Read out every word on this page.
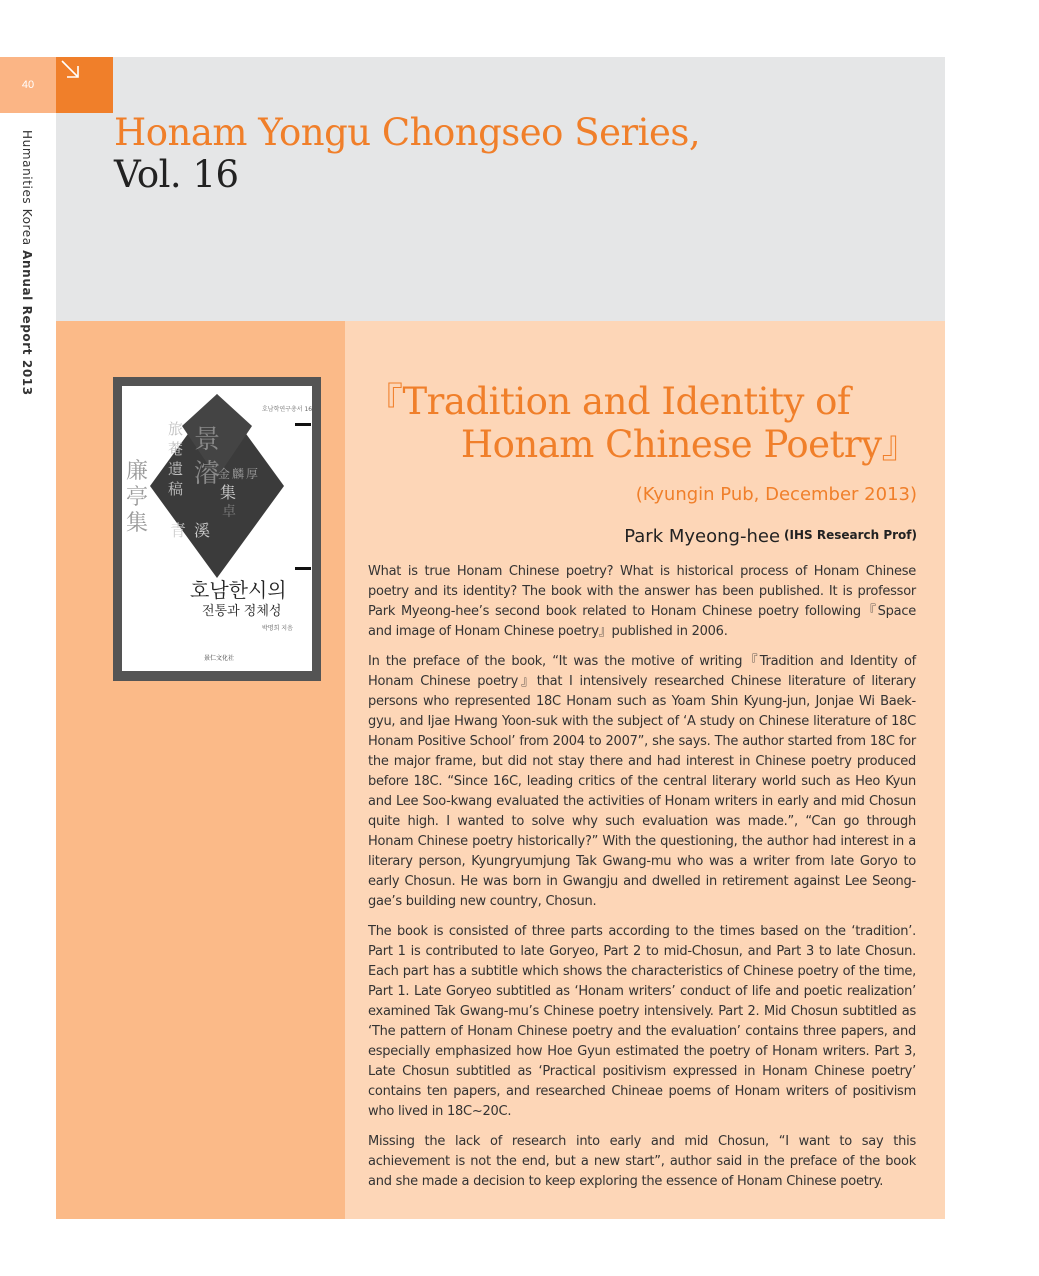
40
Humanities Korea Annual Report 2013
Honam Yongu Chongseo Series,
Vol. 16
旅
菴
遺
稿
景
濬
廉
亭
集 青 溪
集
金 麟 厚
卓
호남학연구총서 16
호남한시의
전통과 정체성
박명희 지음
景仁文化社
『Tradition and Identity of
Honam Chinese Poetry』
(Kyungin Pub, December 2013)
Park Myeong-hee (IHS Research Prof)

What is true Honam Chinese poetry? What is historical process of Honam Chinese poetry and its identity? The book with the answer has been published. It is professor Park Myeong-hee’s second book related to Honam Chinese poetry following『Space and image of Honam Chinese poetry』published in 2006.

In the preface of the book, “It was the motive of writing『Tradition and Identity of Honam Chinese poetry』that I intensively researched Chinese literature of literary persons who represented 18C Honam such as Yoam Shin Kyung-jun, Jonjae Wi Baek-gyu, and Ijae Hwang Yoon-suk with the subject of ‘A study on Chinese literature of 18C Honam Positive School’ from 2004 to 2007”, she says. The author started from 18C for the major frame, but did not stay there and had interest in Chinese poetry produced before 18C. “Since 16C, leading critics of the central literary world such as Heo Kyun and Lee Soo-kwang evaluated the activities of Honam writers in early and mid Chosun quite high. I wanted to solve why such evaluation was made.”, “Can go through Honam Chinese poetry historically?” With the questioning, the author had interest in a literary person, Kyungryumjung Tak Gwang-mu who was a writer from late Goryo to early Chosun. He was born in Gwangju and dwelled in retirement against Lee Seong-gae’s building new country, Chosun.

The book is consisted of three parts according to the times based on the ‘tradition’. Part 1 is contributed to late Goryeo, Part 2 to mid-Chosun, and Part 3 to late Chosun. Each part has a subtitle which shows the characteristics of Chinese poetry of the time, Part 1. Late Goryeo subtitled as ‘Honam writers’ conduct of life and poetic realization’ examined Tak Gwang-mu’s Chinese poetry intensively. Part 2. Mid Chosun subtitled as ‘The pattern of Honam Chinese poetry and the evaluation’ contains three papers, and especially emphasized how Hoe Gyun estimated the poetry of Honam writers. Part 3, Late Chosun subtitled as ‘Practical positivism expressed in Honam Chinese poetry’ contains ten papers, and researched Chineae poems of Honam writers of positivism who lived in 18C~20C.

Missing the lack of research into early and mid Chosun, “I want to say this achievement is not the end, but a new start”, author said in the preface of the book and she made a decision to keep exploring the essence of Honam Chinese poetry.
